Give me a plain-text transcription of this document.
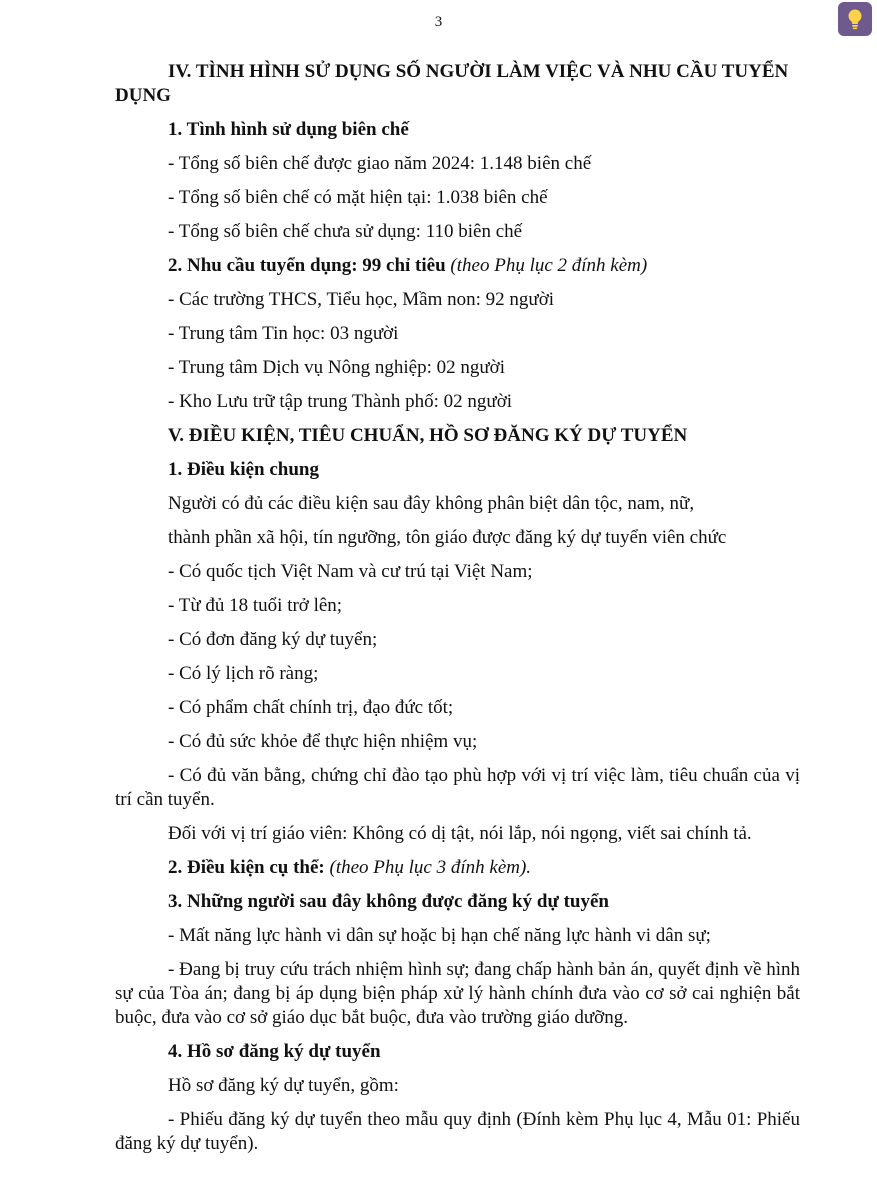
3

IV. TÌNH HÌNH SỬ DỤNG SỐ NGƯỜI LÀM VIỆC VÀ NHU CẦU TUYỂN DỤNG

1. Tình hình sử dụng biên chế

- Tổng số biên chế được giao năm 2024: 1.148 biên chế

- Tổng số biên chế có mặt hiện tại: 1.038 biên chế

- Tổng số biên chế chưa sử dụng: 110 biên chế

2. Nhu cầu tuyển dụng: 99 chỉ tiêu (theo Phụ lục 2 đính kèm)

- Các trường THCS, Tiểu học, Mầm non: 92 người

- Trung tâm Tin học: 03 người

- Trung tâm Dịch vụ Nông nghiệp: 02 người

- Kho Lưu trữ tập trung Thành phố: 02 người

V. ĐIỀU KIỆN, TIÊU CHUẨN, HỒ SƠ ĐĂNG KÝ DỰ TUYỂN

1. Điều kiện chung

Người có đủ các điều kiện sau đây không phân biệt dân tộc, nam, nữ,

thành phần xã hội, tín ngưỡng, tôn giáo được đăng ký dự tuyển viên chức

- Có quốc tịch Việt Nam và cư trú tại Việt Nam;

- Từ đủ 18 tuổi trở lên;

- Có đơn đăng ký dự tuyển;

- Có lý lịch rõ ràng;

- Có phẩm chất chính trị, đạo đức tốt;

- Có đủ sức khỏe để thực hiện nhiệm vụ;

- Có đủ văn bằng, chứng chỉ đào tạo phù hợp với vị trí việc làm, tiêu chuẩn của vị trí cần tuyển.

Đối với vị trí giáo viên: Không có dị tật, nói lắp, nói ngọng, viết sai chính tả.

2. Điều kiện cụ thể: (theo Phụ lục 3 đính kèm).

3. Những người sau đây không được đăng ký dự tuyển

- Mất năng lực hành vi dân sự hoặc bị hạn chế năng lực hành vi dân sự;

- Đang bị truy cứu trách nhiệm hình sự; đang chấp hành bản án, quyết định về hình sự của Tòa án; đang bị áp dụng biện pháp xử lý hành chính đưa vào cơ sở cai nghiện bắt buộc, đưa vào cơ sở giáo dục bắt buộc, đưa vào trường giáo dưỡng.

4. Hồ sơ đăng ký dự tuyển

Hồ sơ đăng ký dự tuyển, gồm:

- Phiếu đăng ký dự tuyển theo mẫu quy định (Đính kèm Phụ lục 4, Mẫu 01: Phiếu đăng ký dự tuyển).
